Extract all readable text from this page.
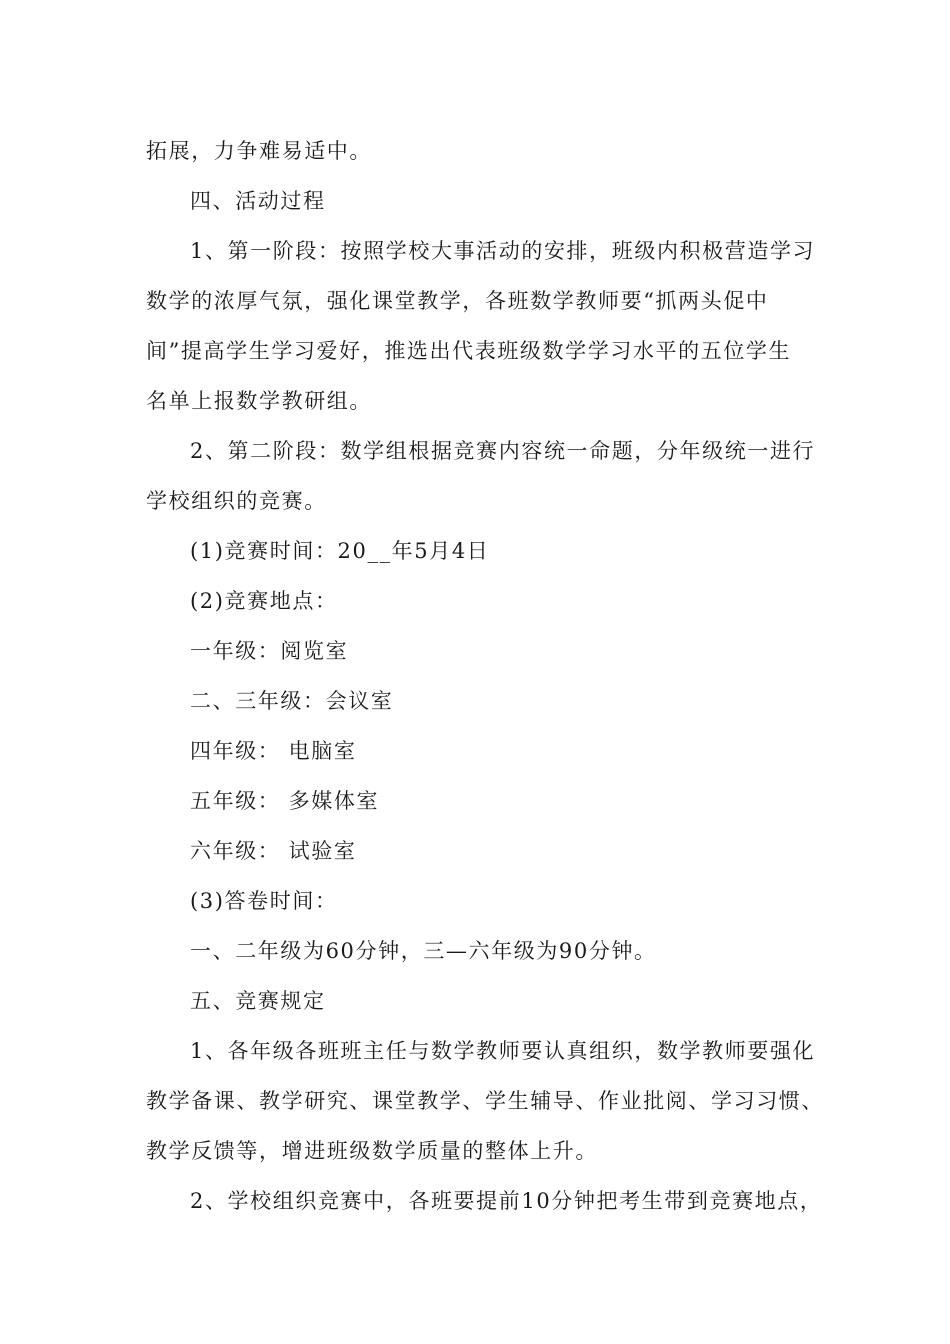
拓展，力争难易适中。
四、活动过程
1、第一阶段：按照学校大事活动的安排，班级内积极营造学习
数学的浓厚气氛，强化课堂教学，各班数学教师要“抓两头促中
间”提高学生学习爱好，推选出代表班级数学学习水平的五位学生
名单上报数学教研组。
2、第二阶段：数学组根据竞赛内容统一命题，分年级统一进行
学校组织的竞赛。
(1)竞赛时间：20__年5月4日
(2)竞赛地点：
一年级：阅览室
二、三年级：会议室
四年级： 电脑室
五年级： 多媒体室
六年级： 试验室
(3)答卷时间：
一、二年级为60分钟，三—六年级为90分钟。
五、竞赛规定
1、各年级各班班主任与数学教师要认真组织，数学教师要强化
教学备课、教学研究、课堂教学、学生辅导、作业批阅、学习习惯、
教学反馈等，增进班级数学质量的整体上升。
2、学校组织竞赛中，各班要提前10分钟把考生带到竞赛地点，
